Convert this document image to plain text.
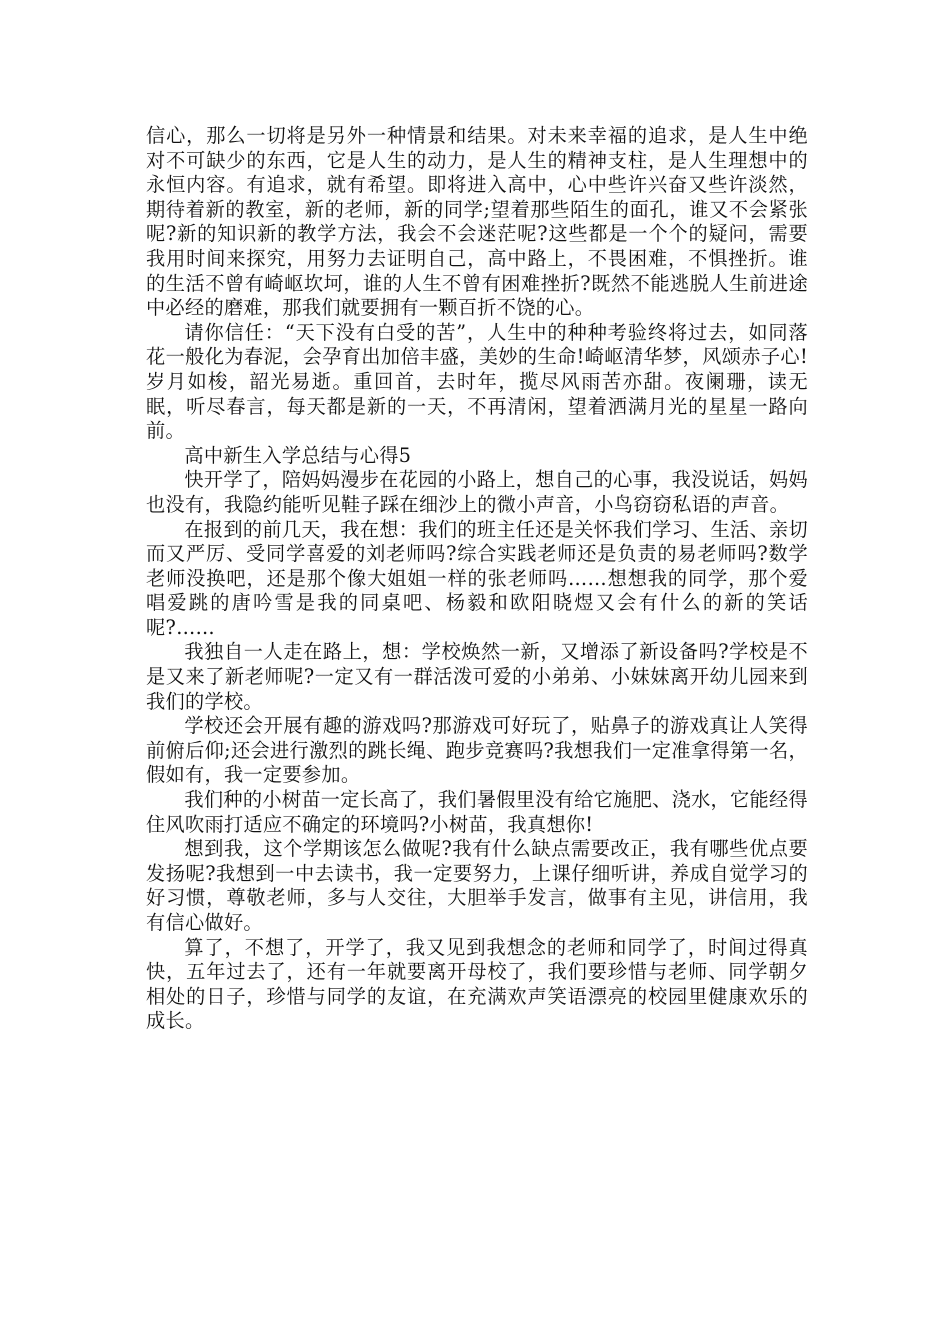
信心，那么一切将是另外一种情景和结果。对未来幸福的追求，是人生中绝对不可缺少的东西，它是人生的动力，是人生的精神支柱，是人生理想中的永恒内容。有追求，就有希望。即将进入高中，心中些许兴奋又些许淡然，期待着新的教室，新的老师，新的同学;望着那些陌生的面孔，谁又不会紧张呢?新的知识新的教学方法，我会不会迷茫呢?这些都是一个个的疑问，需要我用时间来探究，用努力去证明自己，高中路上，不畏困难，不惧挫折。谁的生活不曾有崎岖坎坷，谁的人生不曾有困难挫折?既然不能逃脱人生前进途中必经的磨难，那我们就要拥有一颗百折不饶的心。

请你信任：“天下没有白受的苦”，人生中的种种考验终将过去，如同落花一般化为春泥，会孕育出加倍丰盛，美妙的生命!崎岖清华梦，风颂赤子心!岁月如梭，韶光易逝。重回首，去时年，揽尽风雨苦亦甜。夜阑珊，读无眠，听尽春言，每天都是新的一天，不再清闲，望着洒满月光的星星一路向前。

高中新生入学总结与心得5

快开学了，陪妈妈漫步在花园的小路上，想自己的心事，我没说话，妈妈也没有，我隐约能听见鞋子踩在细沙上的微小声音，小鸟窃窃私语的声音。

在报到的前几天，我在想：我们的班主任还是关怀我们学习、生活、亲切而又严厉、受同学喜爱的刘老师吗?综合实践老师还是负责的易老师吗?数学老师没换吧，还是那个像大姐姐一样的张老师吗……想想我的同学，那个爱唱爱跳的唐吟雪是我的同桌吧、杨毅和欧阳晓煜又会有什么的新的笑话呢?……

我独自一人走在路上，想：学校焕然一新，又增添了新设备吗?学校是不是又来了新老师呢?一定又有一群活泼可爱的小弟弟、小妹妹离开幼儿园来到我们的学校。

学校还会开展有趣的游戏吗?那游戏可好玩了，贴鼻子的游戏真让人笑得前俯后仰;还会进行激烈的跳长绳、跑步竞赛吗?我想我们一定准拿得第一名，假如有，我一定要参加。

我们种的小树苗一定长高了，我们暑假里没有给它施肥、浇水，它能经得住风吹雨打适应不确定的环境吗?小树苗，我真想你!

想到我，这个学期该怎么做呢?我有什么缺点需要改正，我有哪些优点要发扬呢?我想到一中去读书，我一定要努力，上课仔细听讲，养成自觉学习的好习惯，尊敬老师，多与人交往，大胆举手发言，做事有主见，讲信用，我有信心做好。

算了，不想了，开学了，我又见到我想念的老师和同学了，时间过得真快，五年过去了，还有一年就要离开母校了，我们要珍惜与老师、同学朝夕相处的日子，珍惜与同学的友谊，在充满欢声笑语漂亮的校园里健康欢乐的成长。
